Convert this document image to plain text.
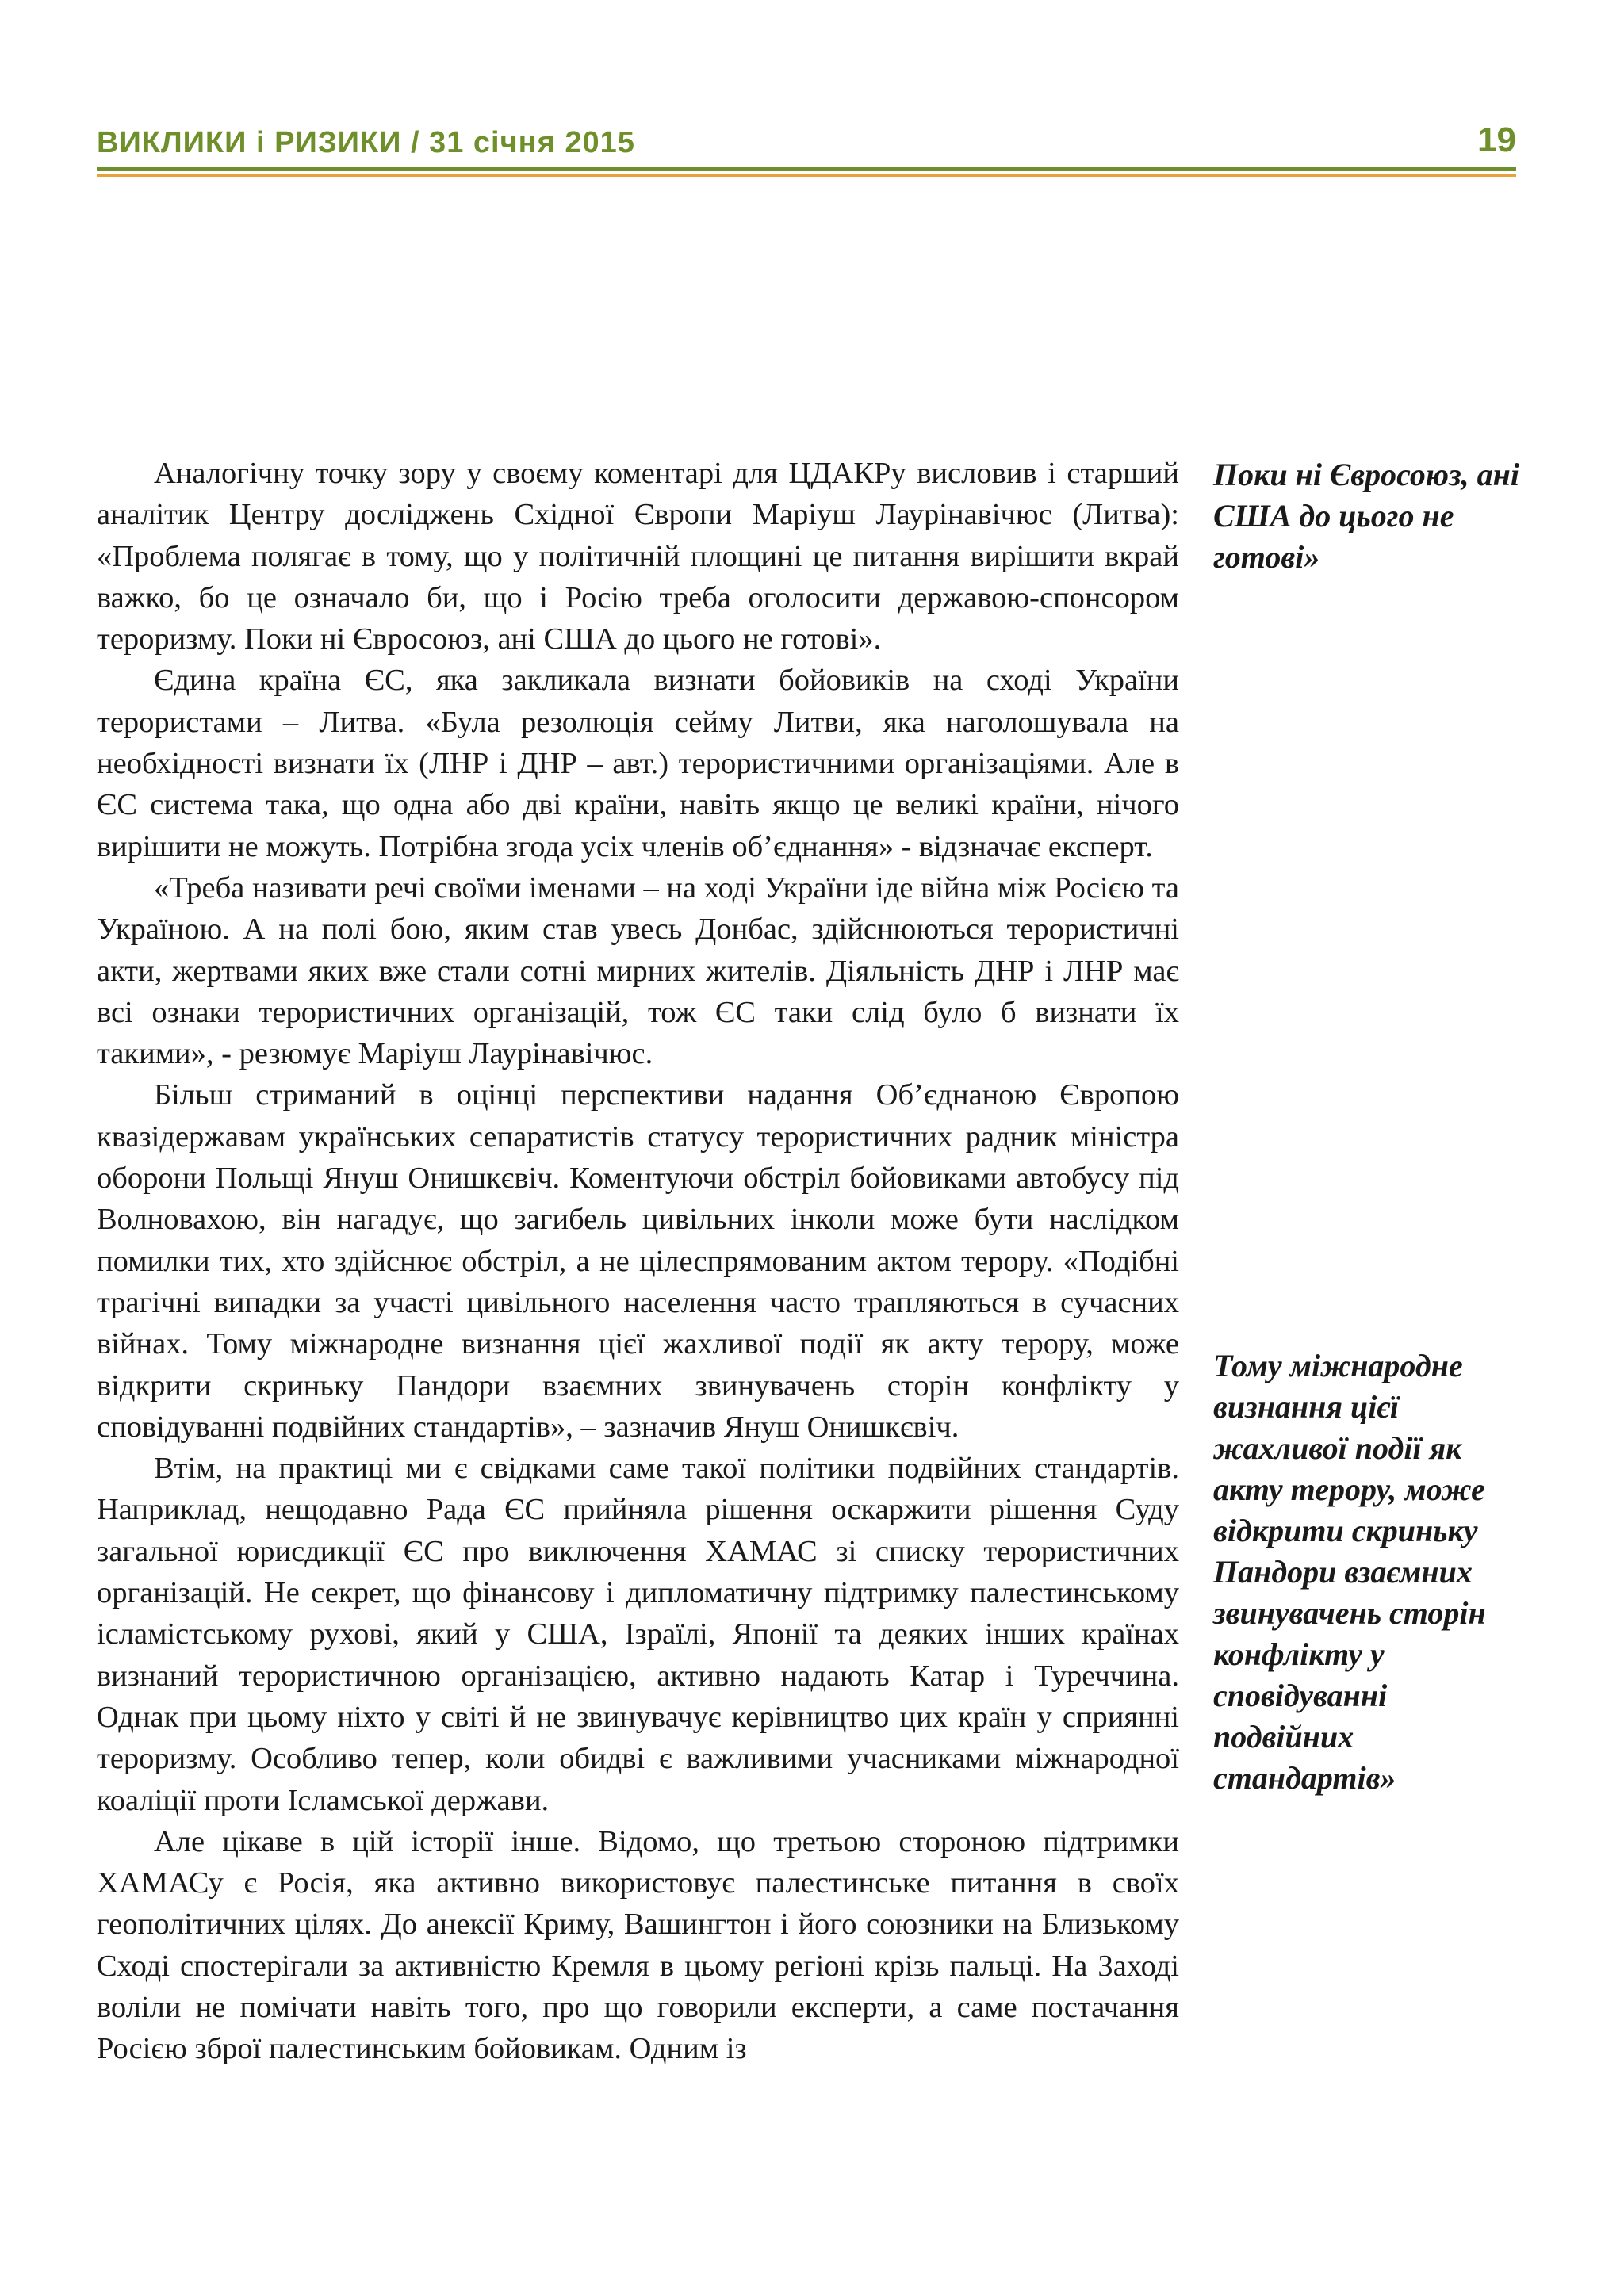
ВИКЛИКИ і РИЗИКИ / 31 січня 2015	19

Аналогічну точку зору у своєму коментарі для ЦДАКРу висловив і старший аналітик Центру досліджень Східної Європи Маріуш Лаурінавічюс (Литва): «Проблема полягає в тому, що у політичній площині це питання вирішити вкрай важко, бо це означало би, що і Росію треба оголосити державою-спонсором тероризму. Поки ні Євросоюз, ані США до цього не готові».

Єдина країна ЄС, яка закликала визнати бойовиків на сході України терористами – Литва. «Була резолюція сейму Литви, яка наголошувала на необхідності визнати їх (ЛНР і ДНР – авт.) терористичними організаціями. Але в ЄС система така, що одна або дві країни, навіть якщо це великі країни, нічого вирішити не можуть. Потрібна згода усіх членів об’єднання» - відзначає експерт.

«Треба називати речі своїми іменами – на ході України іде війна між Росією та Україною. А на полі бою, яким став увесь Донбас, здійснюються терористичні акти, жертвами яких вже стали сотні мирних жителів. Діяльність ДНР і ЛНР має всі ознаки терористичних організацій, тож ЄС таки слід було б визнати їх такими», - резюмує Маріуш Лаурінавічюс.

Більш стриманий в оцінці перспективи надання Об’єднаною Європою квазідержавам українських сепаратистів статусу терористичних радник міністра оборони Польщі Януш Онишкєвіч. Коментуючи обстріл бойовиками автобусу під Волновахою, він нагадує, що загибель цивільних інколи може бути наслідком помилки тих, хто здійснює обстріл, а не цілеспрямованим актом терору. «Подібні трагічні випадки за участі цивільного населення часто трапляються в сучасних війнах. Тому міжнародне визнання цієї жахливої події як акту терору, може відкрити скриньку Пандори взаємних звинувачень сторін конфлікту у сповідуванні подвійних стандартів», – зазначив Януш Онишкєвіч.

Втім, на практиці ми є свідками саме такої політики подвійних стандартів. Наприклад, нещодавно Рада ЄС прийняла рішення оскаржити рішення Суду загальної юрисдикції ЄС про виключення ХАМАС зі списку терористичних організацій. Не секрет, що фінансову і дипломатичну підтримку палестинському ісламістському рухові, який у США, Ізраїлі, Японії та деяких інших країнах визнаний терористичною організацією, активно надають Катар і Туреччина. Однак при цьому ніхто у світі й не звинувачує керівництво цих країн у сприянні тероризму. Особливо тепер, коли обидві є важливими учасниками міжнародної коаліції проти Ісламської держави.

Але цікаве в цій історії інше. Відомо, що третьою стороною підтримки ХАМАСу є Росія, яка активно використовує палестинське питання в своїх геополітичних цілях. До анексії Криму, Вашингтон і його союзники на Близькому Сході спостерігали за активністю Кремля в цьому регіоні крізь пальці. На Заході воліли не помічати навіть того, про що говорили експерти, а саме постачання Росією зброї палестинським бойовикам. Одним із

Поки ні Євросоюз, ані США до цього не готові»
Тому міжнародне визнання цієї жахливої події як акту терору, може відкрити скриньку Пандори взаємних звинувачень сторін конфлікту у сповідуванні подвійних стандартів»
